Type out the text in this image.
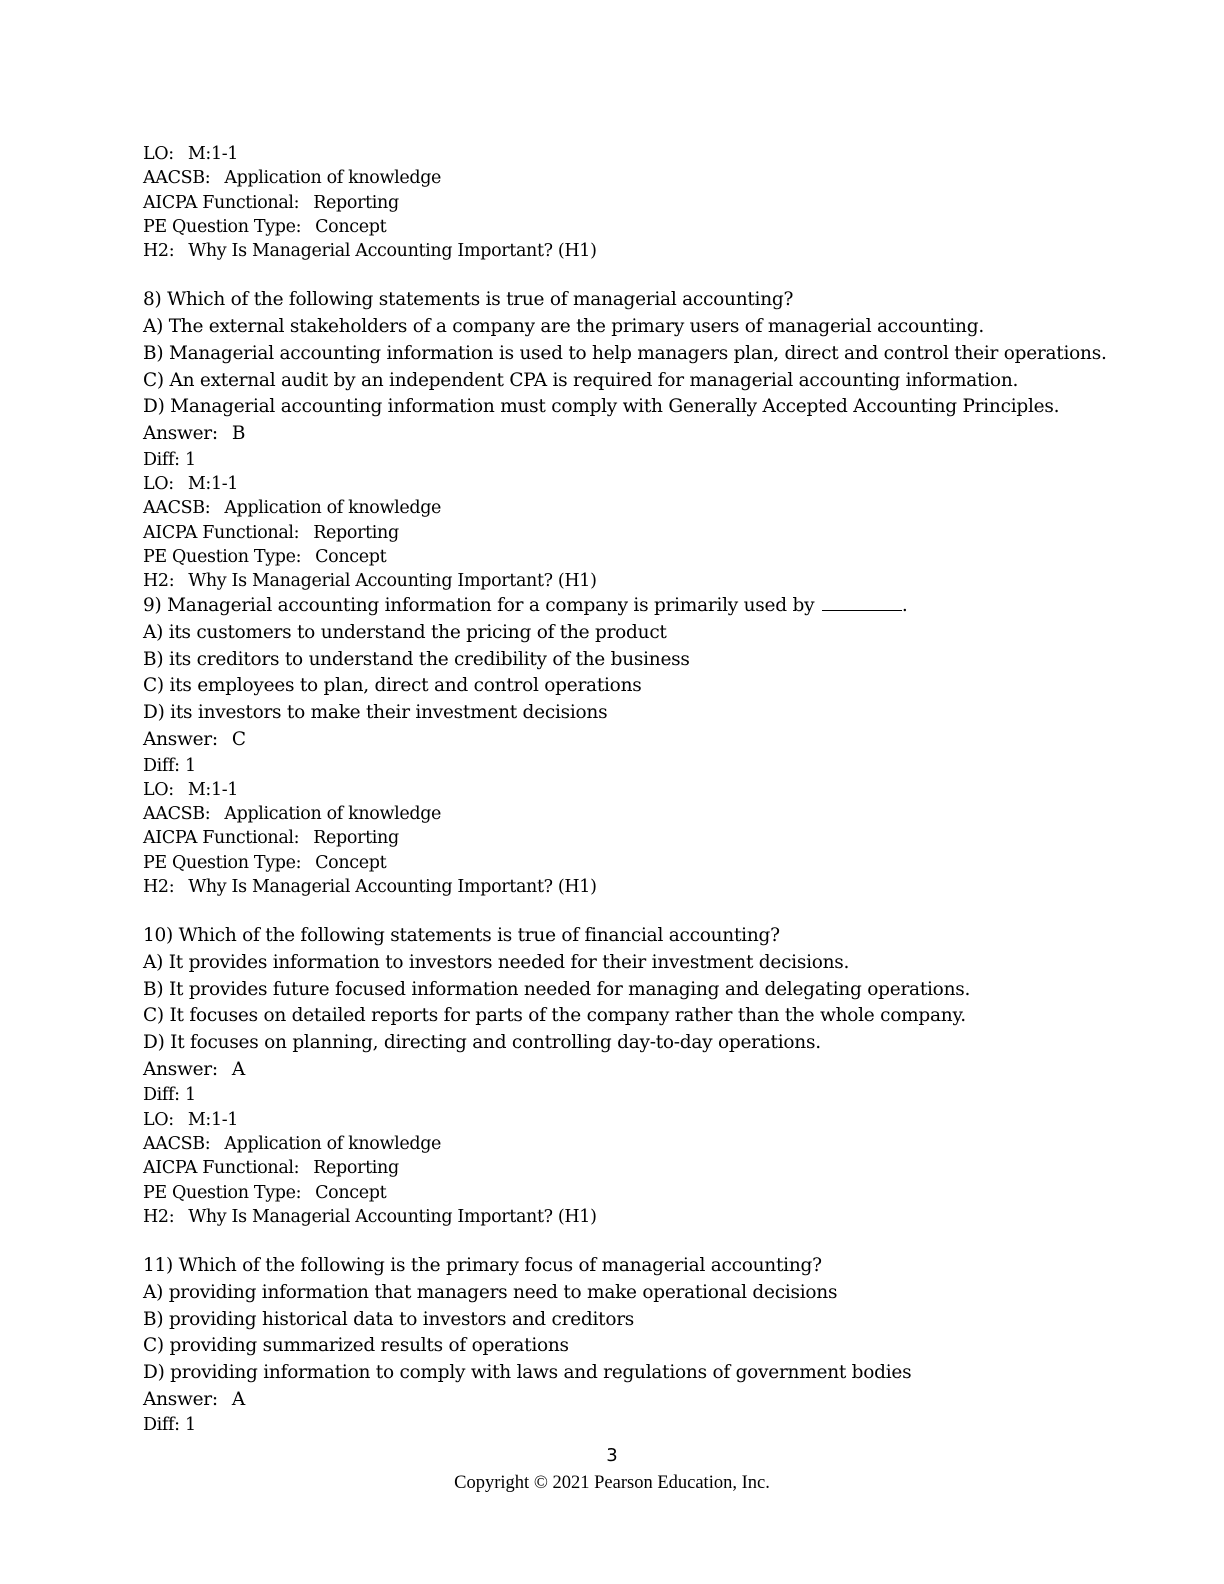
LO: M:1-1
AACSB: Application of knowledge
AICPA Functional: Reporting
PE Question Type: Concept
H2: Why Is Managerial Accounting Important? (H1)
8) Which of the following statements is true of managerial accounting?
A) The external stakeholders of a company are the primary users of managerial accounting.
B) Managerial accounting information is used to help managers plan, direct and control their operations.
C) An external audit by an independent CPA is required for managerial accounting information.
D) Managerial accounting information must comply with Generally Accepted Accounting Principles.
Answer: B
Diff: 1
LO: M:1-1
AACSB: Application of knowledge
AICPA Functional: Reporting
PE Question Type: Concept
H2: Why Is Managerial Accounting Important? (H1)
9) Managerial accounting information for a company is primarily used by	.
A) its customers to understand the pricing of the product
B) its creditors to understand the credibility of the business
C) its employees to plan, direct and control operations
D) its investors to make their investment decisions
Answer: C
Diff: 1
LO: M:1-1
AACSB: Application of knowledge
AICPA Functional: Reporting
PE Question Type: Concept
H2: Why Is Managerial Accounting Important? (H1)
10) Which of the following statements is true of financial accounting?
A) It provides information to investors needed for their investment decisions.
B) It provides future focused information needed for managing and delegating operations.
C) It focuses on detailed reports for parts of the company rather than the whole company.
D) It focuses on planning, directing and controlling day-to-day operations.
Answer: A
Diff: 1
LO: M:1-1
AACSB: Application of knowledge
AICPA Functional: Reporting
PE Question Type: Concept
H2: Why Is Managerial Accounting Important? (H1)
11) Which of the following is the primary focus of managerial accounting?
A) providing information that managers need to make operational decisions
B) providing historical data to investors and creditors
C) providing summarized results of operations
D) providing information to comply with laws and regulations of government bodies
Answer: A
Diff: 1
3
Copyright © 2021 Pearson Education, Inc.
